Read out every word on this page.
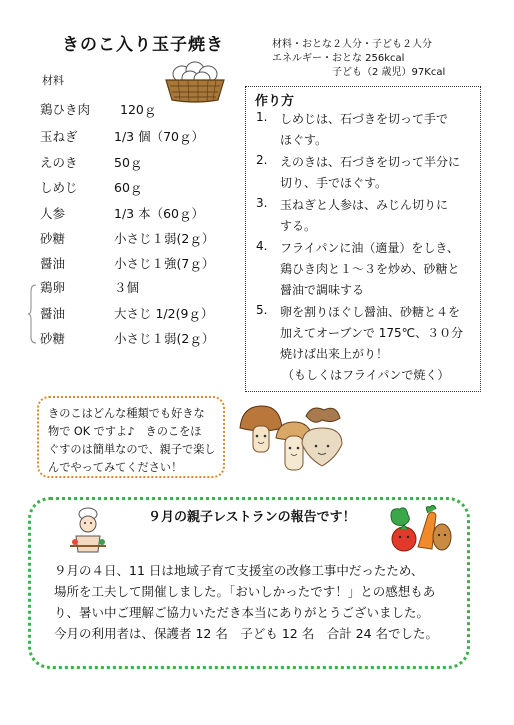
きのこ入り玉子焼き	材料・おとな２人分・子ども２人分
エネルギー・おとな 256kcal
子ども（2 歳児）97Kcal
材料
鶏ひき肉 120ｇ
玉ねぎ	1/3 個（70ｇ）
えのき	50ｇ
しめじ	60ｇ
人参	1/3 本（60ｇ）
砂糖	小さじ１弱(2ｇ）
醤油	小さじ１強(7ｇ）
鶏卵	３個
醤油	大さじ 1/2(9ｇ）
砂糖	小さじ１弱(2ｇ）
作り方
1. しめじは、石づきを切って手で
ほぐす。
2. えのきは、石づきを切って半分に
切り、手でほぐす。
3. 玉ねぎと人参は、みじん切りに
する。
4. フライパンに油（適量）をしき、
鶏ひき肉と１～３を炒め、砂糖と
醤油で調味する
5. 卵を割りほぐし醤油、砂糖と４を
加えてオーブンで 175℃、３０分
焼けば出来上がり！
（もしくはフライパンで焼く）
きのこはどんな種類でも好きな
物で OK ですよ♪　きのこをほ
ぐすのは簡単なので、親子で楽し
んでやってみてください！
９月の親子レストランの報告です！
９月の４日、11 日は地域子育て支援室の改修工事中だったため、
場所を工夫して開催しました。「おいしかったです！」との感想もあ
り、暑い中ご理解ご協力いただき本当にありがとうございました。
今月の利用者は、保護者 12 名　子ども 12 名　合計 24 名でした。
